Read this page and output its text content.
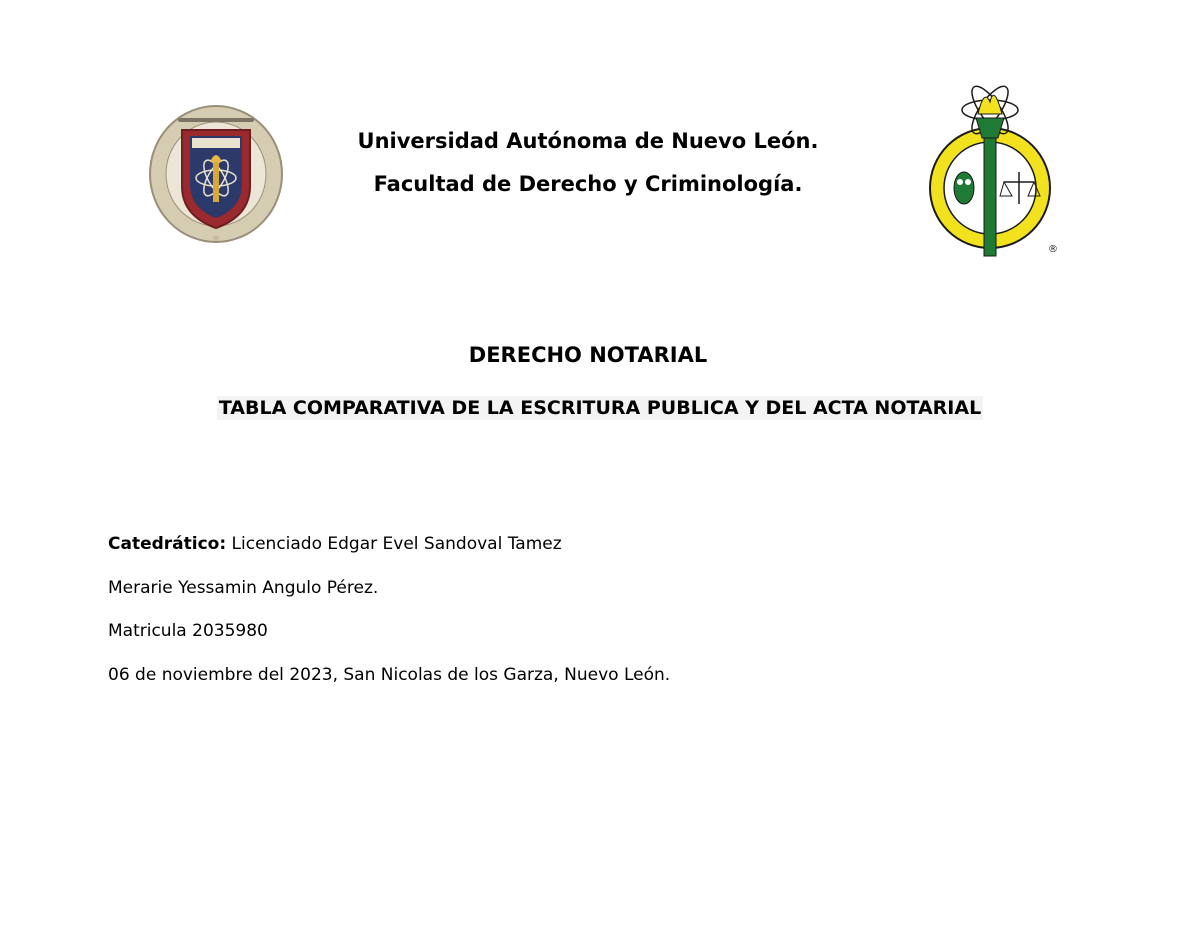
Universidad Autónoma de Nuevo León.
Facultad de Derecho y Criminología.
®
DERECHO NOTARIAL
TABLA COMPARATIVA DE LA ESCRITURA PUBLICA Y DEL ACTA NOTARIAL
Catedrático: Licenciado Edgar Evel Sandoval Tamez
Merarie Yessamin Angulo Pérez.
Matricula 2035980
06 de noviembre del 2023, San Nicolas de los Garza, Nuevo León.
